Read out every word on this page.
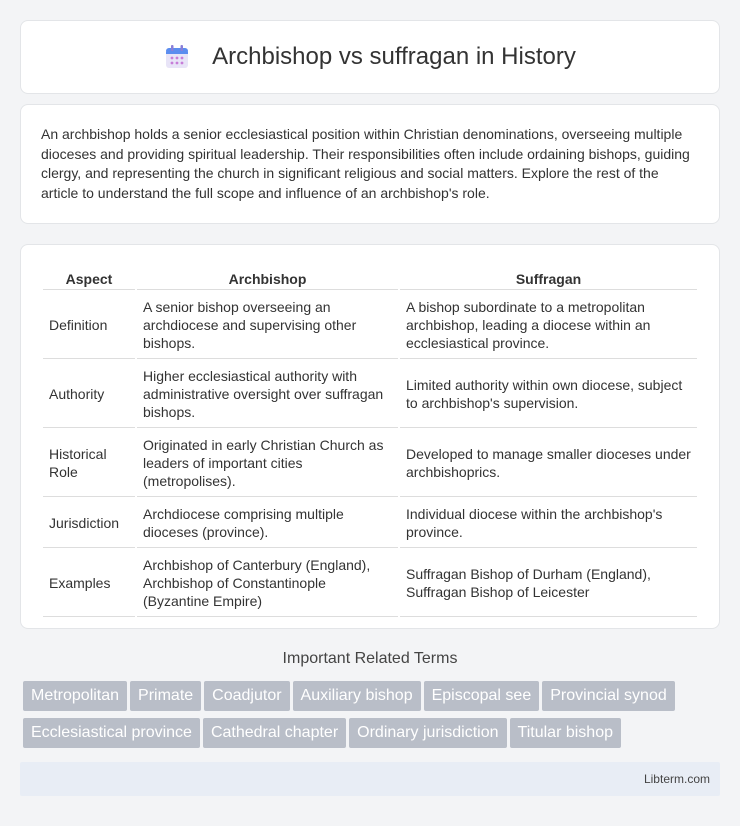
Archbishop vs suffragan in History

An archbishop holds a senior ecclesiastical position within Christian denominations, overseeing multiple dioceses and providing spiritual leadership. Their responsibilities often include ordaining bishops, guiding clergy, and representing the church in significant religious and social matters. Explore the rest of the article to understand the full scope and influence of an archbishop's role.

Aspect	Archbishop	Suffragan
Definition	A senior bishop overseeing an archdiocese and supervising other bishops.	A bishop subordinate to a metropolitan archbishop, leading a diocese within an ecclesiastical province.
Authority	Higher ecclesiastical authority with administrative oversight over suffragan bishops.	Limited authority within own diocese, subject to archbishop's supervision.
Historical Role	Originated in early Christian Church as leaders of important cities (metropolises).	Developed to manage smaller dioceses under archbishoprics.
Jurisdiction	Archdiocese comprising multiple dioceses (province).	Individual diocese within the archbishop's province.
Examples	Archbishop of Canterbury (England), Archbishop of Constantinople (Byzantine Empire)	Suffragan Bishop of Durham (England), Suffragan Bishop of Leicester
Important Related Terms
Metropolitan Primate Coadjutor Auxiliary bishop Episcopal see Provincial synod
Ecclesiastical province Cathedral chapter Ordinary jurisdiction Titular bishop
Libterm.com
